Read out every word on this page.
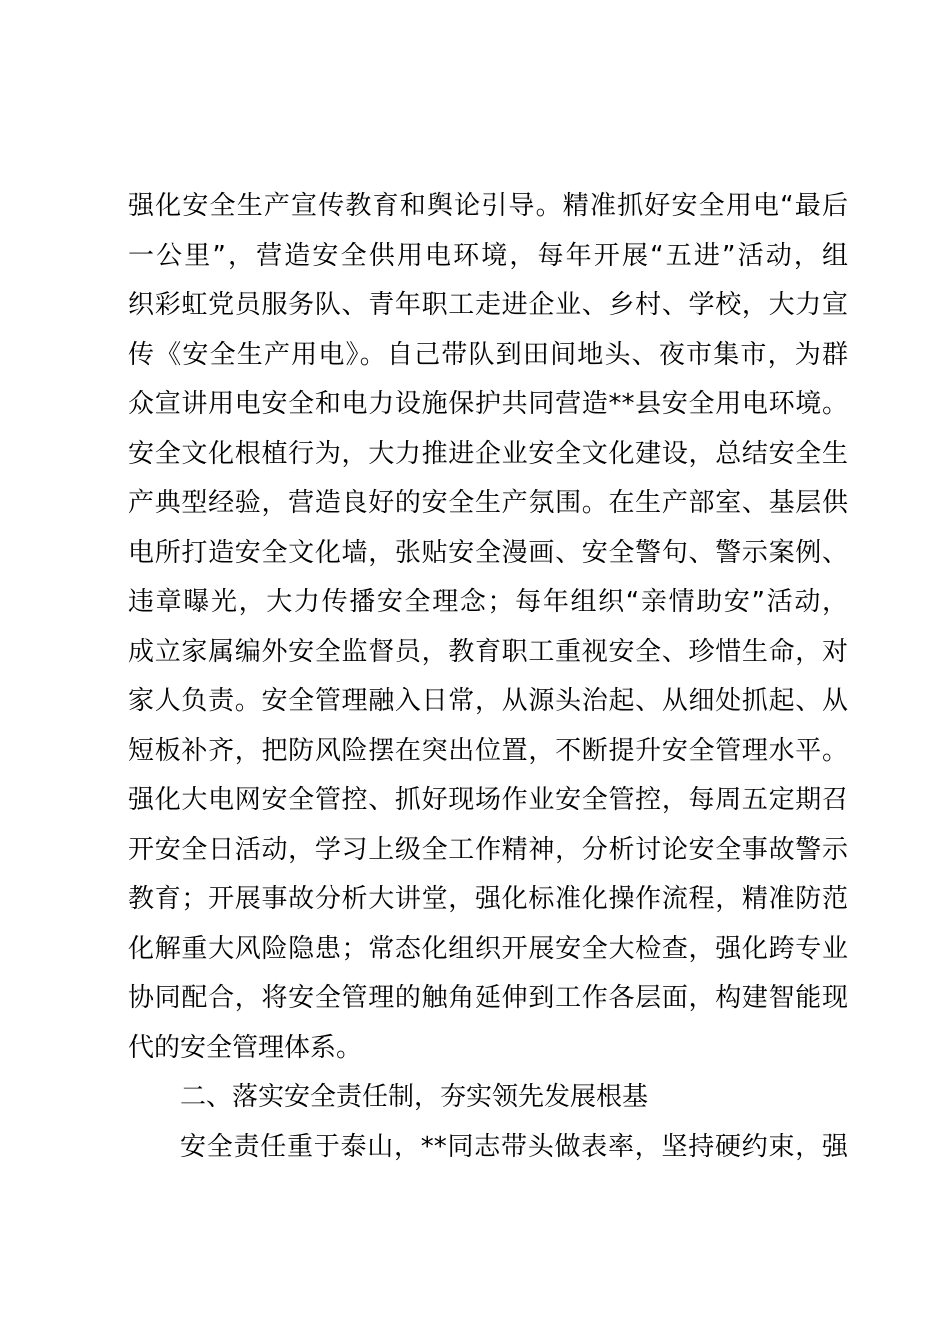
强化安全生产宣传教育和舆论引导。精准抓好安全用电“最后
一公里”，营造安全供用电环境，每年开展“五进”活动，组
织彩虹党员服务队、青年职工走进企业、乡村、学校，大力宣
传《安全生产用电》。自己带队到田间地头、夜市集市，为群
众宣讲用电安全和电力设施保护共同营造**县安全用电环境。
安全文化根植行为，大力推进企业安全文化建设，总结安全生
产典型经验，营造良好的安全生产氛围。在生产部室、基层供
电所打造安全文化墙，张贴安全漫画、安全警句、警示案例、
违章曝光，大力传播安全理念；每年组织“亲情助安”活动，
成立家属编外安全监督员，教育职工重视安全、珍惜生命，对
家人负责。安全管理融入日常，从源头治起、从细处抓起、从
短板补齐，把防风险摆在突出位置，不断提升安全管理水平。
强化大电网安全管控、抓好现场作业安全管控，每周五定期召
开安全日活动，学习上级全工作精神，分析讨论安全事故警示
教育；开展事故分析大讲堂，强化标准化操作流程，精准防范
化解重大风险隐患；常态化组织开展安全大检查，强化跨专业
协同配合，将安全管理的触角延伸到工作各层面，构建智能现
代的安全管理体系。
二、落实安全责任制，夯实领先发展根基
安全责任重于泰山，**同志带头做表率，坚持硬约束，强
